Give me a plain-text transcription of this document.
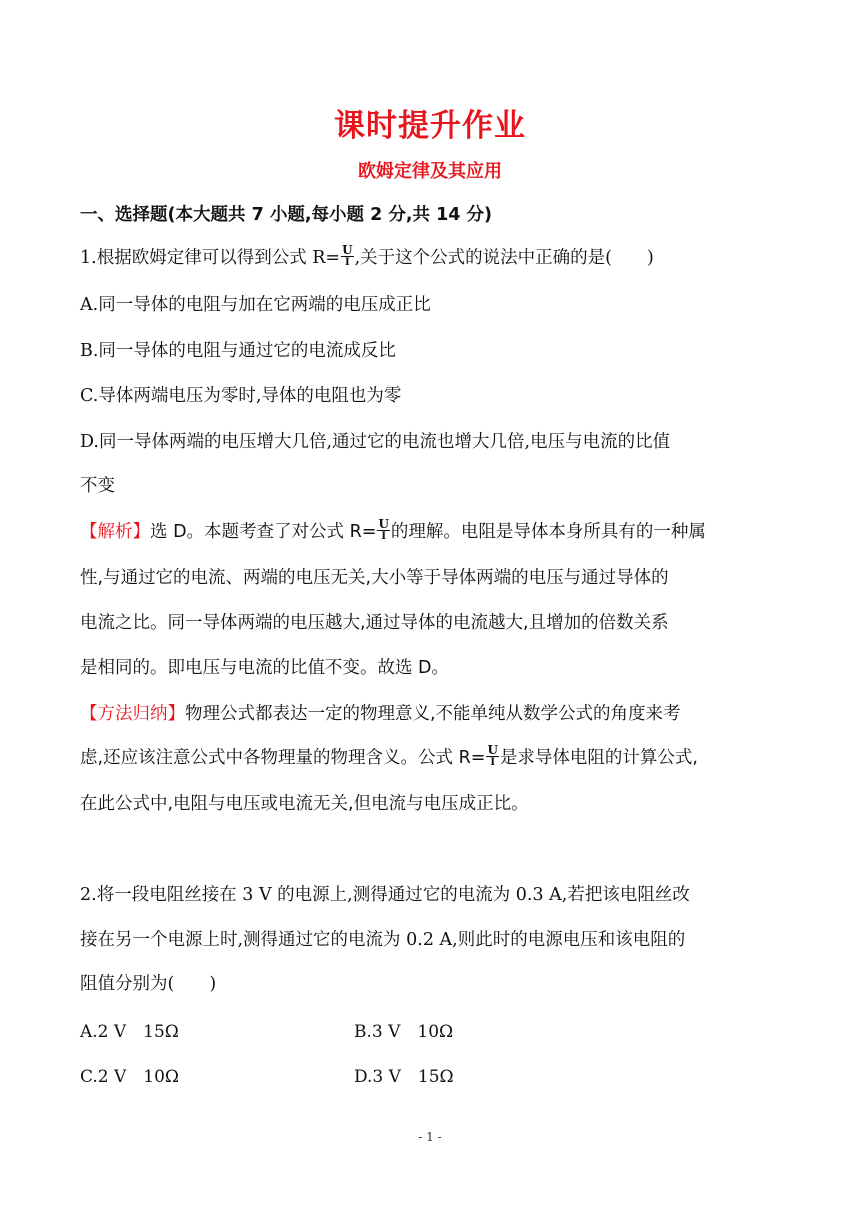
课时提升作业
欧姆定律及其应用
一、选择题(本大题共 7 小题,每小题 2 分,共 14 分)
1.根据欧姆定律可以得到公式 $R= \frac{U}{I}$ ,关于这个公式的说法中正确的是(　　)
A.同一导体的电阻与加在它两端的电压成正比
B.同一导体的电阻与通过它的电流成反比
C.导体两端电压为零时,导体的电阻也为零
D.同一导体两端的电压增大几倍,通过它的电流也增大几倍,电压与电流的比值
不变
【解析】选 D。本题考查了对公式 $R= \frac{U}{I}$ 的理解。电阻是导体本身所具有的一种属
性,与通过它的电流、两端的电压无关,大小等于导体两端的电压与通过导体的
电流之比。同一导体两端的电压越大,通过导体的电流越大,且增加的倍数关系
是相同的。即电压与电流的比值不变。故选 D。
【方法归纳】物理公式都表达一定的物理意义,不能单纯从数学公式的角度来考
虑,还应该注意公式中各物理量的物理含义。公式 $R= \frac{U}{I}$ 是求导体电阻的计算公式,
在此公式中,电阻与电压或电流无关,但电流与电压成正比。
2.将一段电阻丝接在 3 V 的电源上,测得通过它的电流为 0.3 A,若把该电阻丝改
接在另一个电源上时,测得通过它的电流为 0.2 A,则此时的电源电压和该电阻的
阻值分别为(　　)
A.2 V　15Ω	B.3 V　10Ω
C.2 V　10Ω	D.3 V　15Ω
- 1 -
